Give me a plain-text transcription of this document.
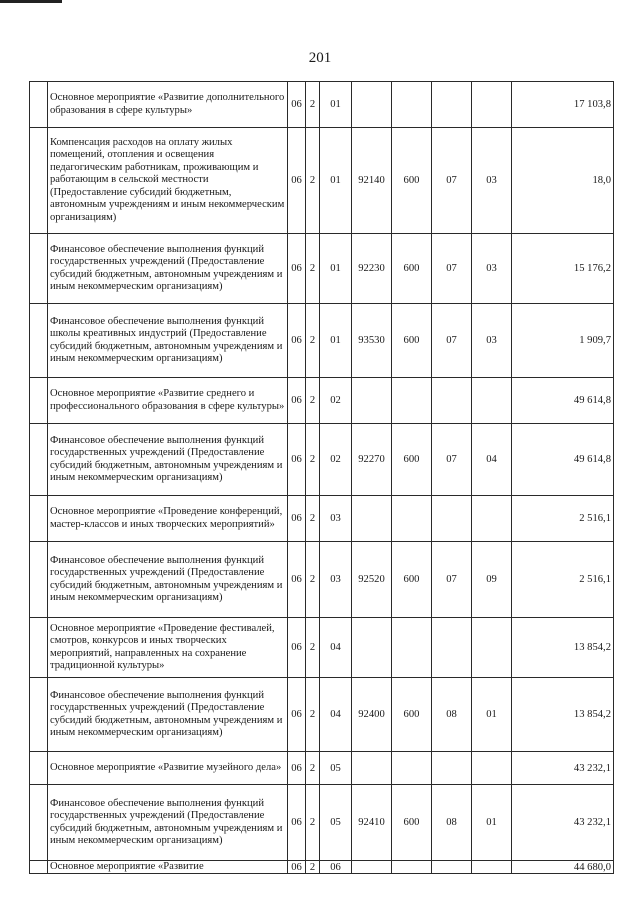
201
	Основное мероприятие «Развитие дополнительного образования в сфере культуры»	06	2	01					17 103,8
	Компенсация расходов на оплату жилых помещений, отопления и освещения педагогическим работникам, проживающим и работающим в сельской местности (Предоставление субсидий бюджетным, автономным учреждениям и иным некоммерческим организациям)	06	2	01	92140	600	07	03	18,0
	Финансовое обеспечение выполнения функций государственных учреждений (Предоставление субсидий бюджетным, автономным учреждениям и иным некоммерческим организациям)	06	2	01	92230	600	07	03	15 176,2
	Финансовое обеспечение выполнения функций школы креативных индустрий (Предоставление субсидий бюджетным, автономным учреждениям и иным некоммерческим организациям)	06	2	01	93530	600	07	03	1 909,7
	Основное мероприятие «Развитие среднего и профессионального образования в сфере культуры»	06	2	02					49 614,8
	Финансовое обеспечение выполнения функций государственных учреждений (Предоставление субсидий бюджетным, автономным учреждениям и иным некоммерческим организациям)	06	2	02	92270	600	07	04	49 614,8
	Основное мероприятие «Проведение конференций, мастер-классов и иных творческих мероприятий»	06	2	03					2 516,1
	Финансовое обеспечение выполнения функций государственных учреждений (Предоставление субсидий бюджетным, автономным учреждениям и иным некоммерческим организациям)	06	2	03	92520	600	07	09	2 516,1
	Основное мероприятие «Проведение фестивалей, смотров, конкурсов и иных творческих мероприятий, направленных на сохранение традиционной культуры»	06	2	04					13 854,2
	Финансовое обеспечение выполнения функций государственных учреждений (Предоставление субсидий бюджетным, автономным учреждениям и иным некоммерческим организациям)	06	2	04	92400	600	08	01	13 854,2
	Основное мероприятие «Развитие музейного дела»	06	2	05					43 232,1
	Финансовое обеспечение выполнения функций государственных учреждений (Предоставление субсидий бюджетным, автономным учреждениям и иным некоммерческим организациям)	06	2	05	92410	600	08	01	43 232,1
	Основное мероприятие «Развитие	06	2	06					44 680,0
